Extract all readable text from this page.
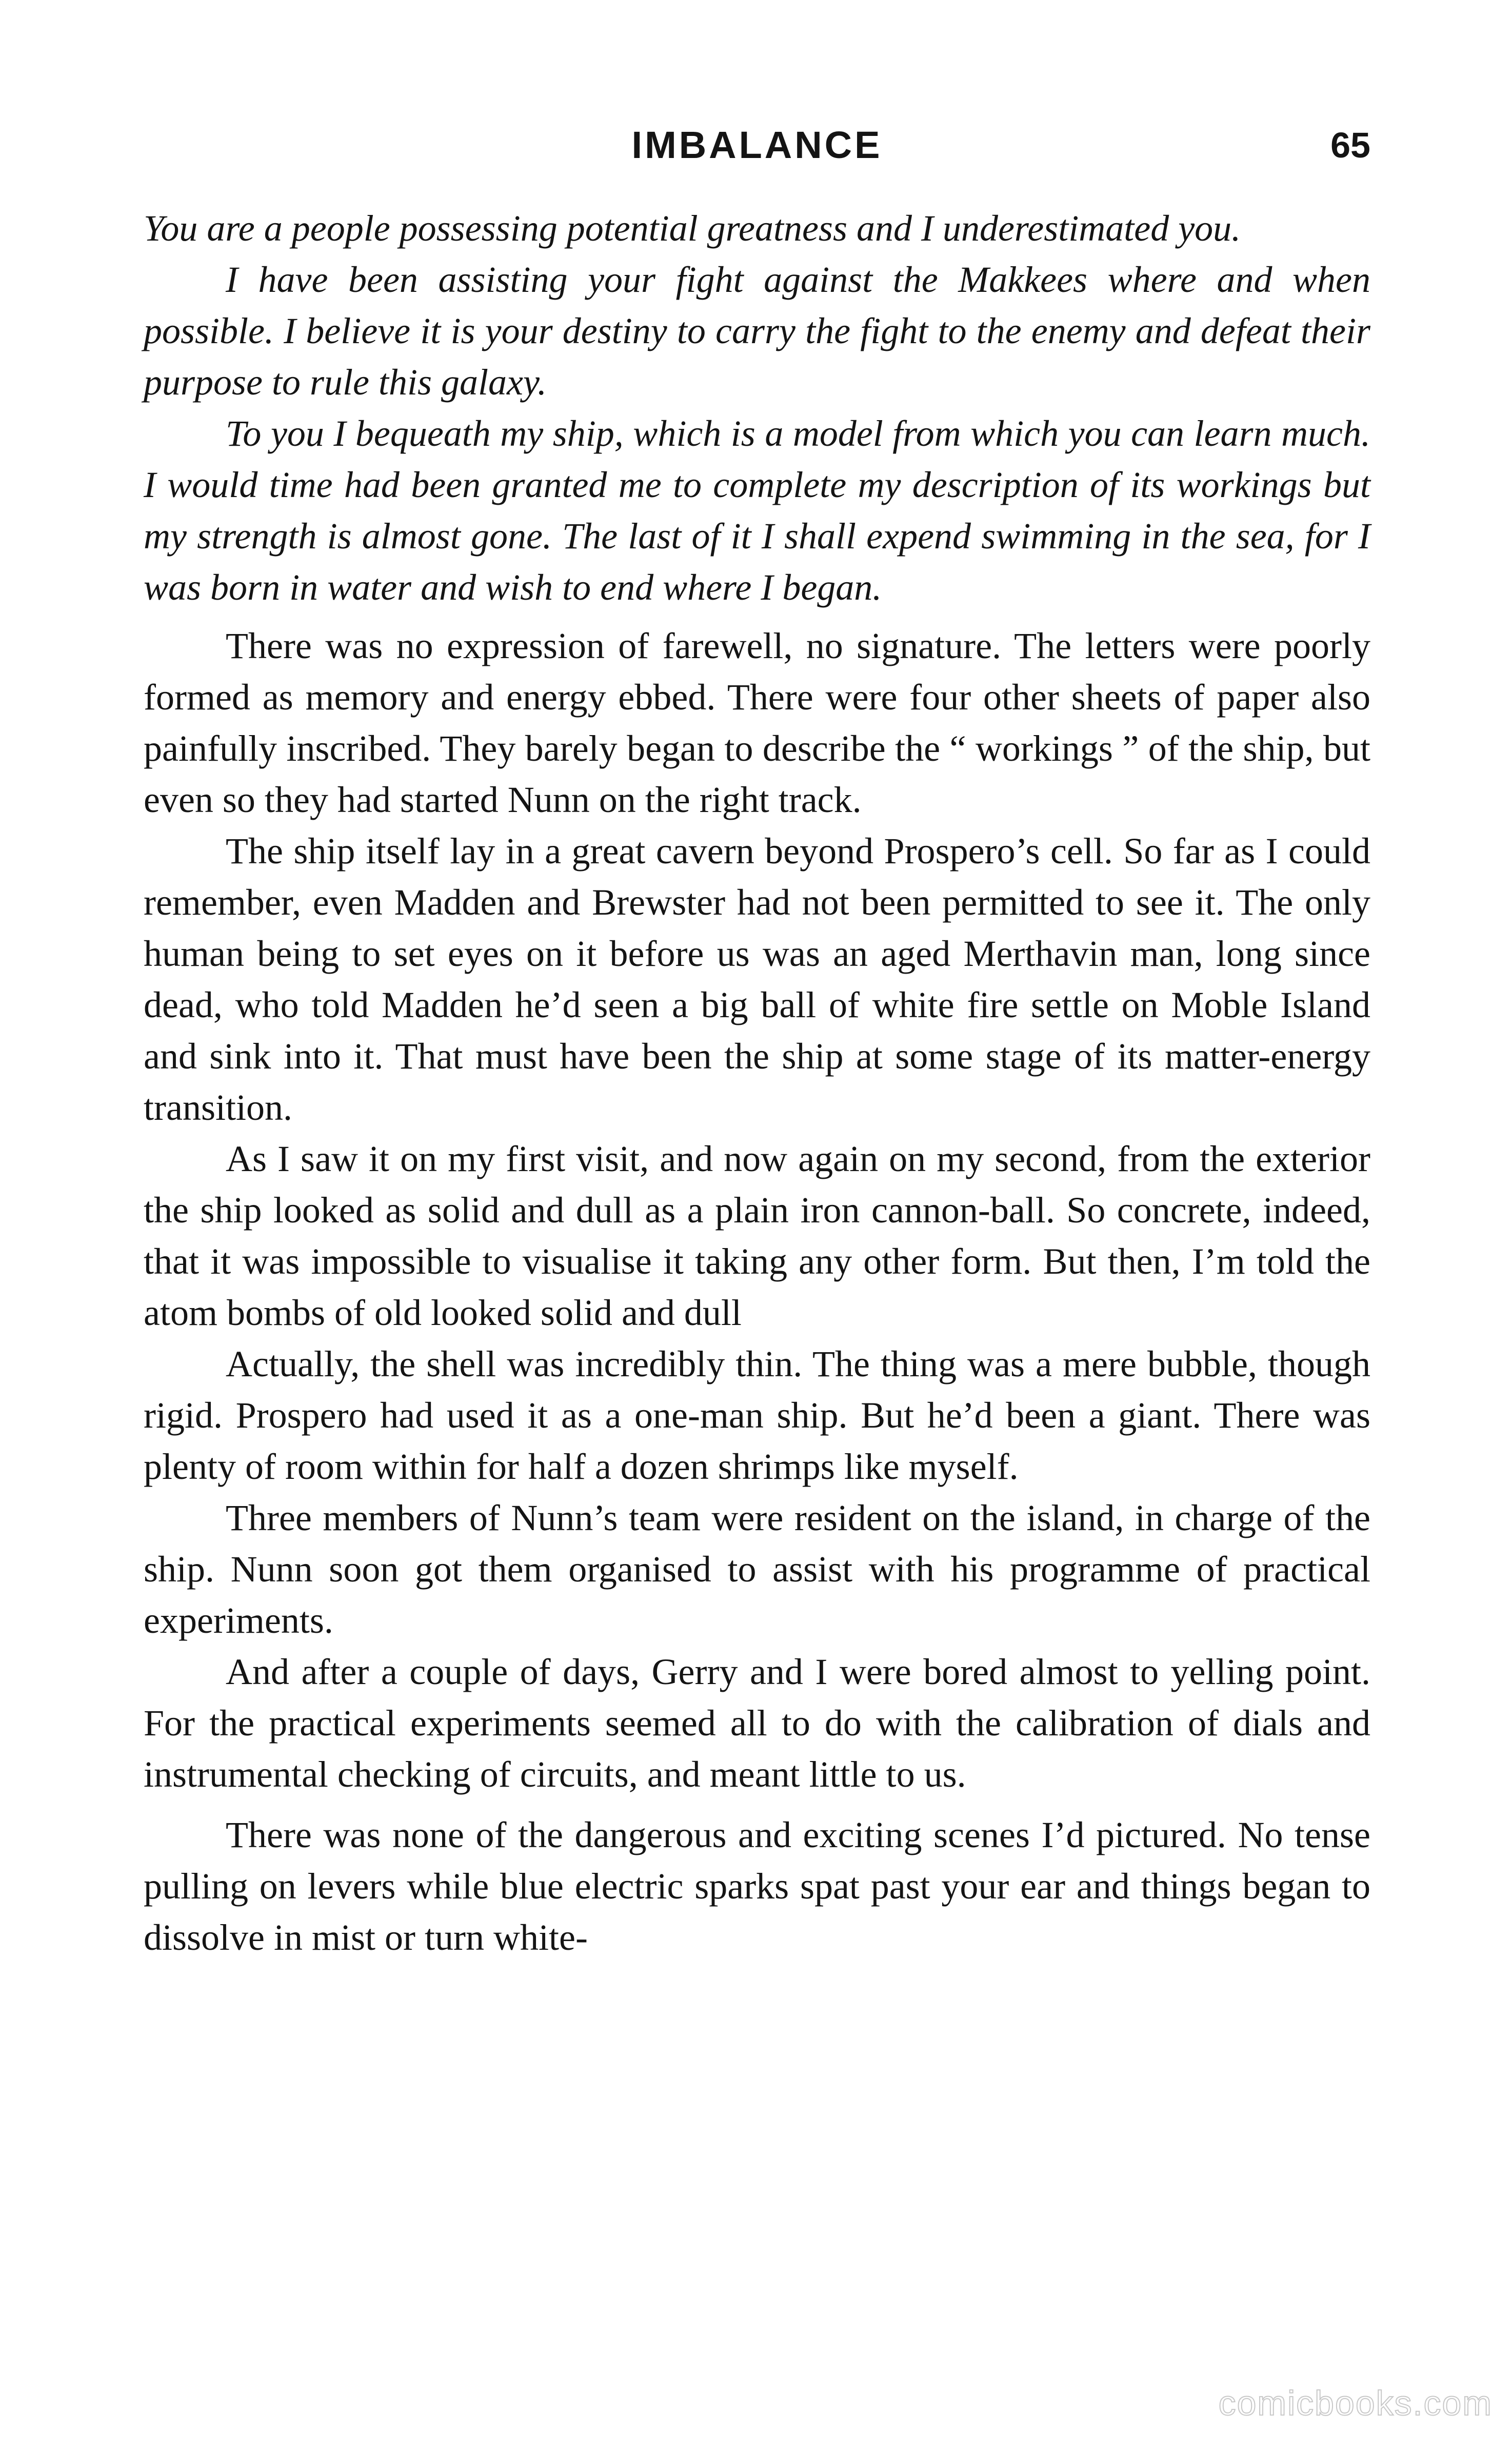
IMBALANCE	65

You are a people possessing potential greatness and I underestimated you.

I have been assisting your fight against the Makkees where and when possible. I believe it is your destiny to carry the fight to the enemy and defeat their purpose to rule this galaxy.

To you I bequeath my ship, which is a model from which you can learn much. I would time had been granted me to complete my description of its workings but my strength is almost gone. The last of it I shall expend swimming in the sea, for I was born in water and wish to end where I began.

There was no expression of farewell, no signature. The letters were poorly formed as memory and energy ebbed. There were four other sheets of paper also painfully inscribed. They barely began to describe the “ workings ” of the ship, but even so they had started Nunn on the right track.

The ship itself lay in a great cavern beyond Prospero’s cell. So far as I could remember, even Madden and Brewster had not been permitted to see it. The only human being to set eyes on it before us was an aged Merthavin man, long since dead, who told Madden he’d seen a big ball of white fire settle on Moble Island and sink into it. That must have been the ship at some stage of its matter-energy transition.

As I saw it on my first visit, and now again on my second, from the exterior the ship looked as solid and dull as a plain iron cannon-ball. So concrete, indeed, that it was impossible to visualise it taking any other form. But then, I’m told the atom bombs of old looked solid and dull

Actually, the shell was incredibly thin. The thing was a mere bubble, though rigid. Prospero had used it as a one-man ship. But he’d been a giant. There was plenty of room within for half a dozen shrimps like myself.

Three members of Nunn’s team were resident on the island, in charge of the ship. Nunn soon got them organised to assist with his programme of practical experiments.

And after a couple of days, Gerry and I were bored almost to yelling point. For the practical experiments seemed all to do with the calibration of dials and instrumental checking of circuits, and meant little to us.

There was none of the dangerous and exciting scenes I’d pictured. No tense pulling on levers while blue electric sparks spat past your ear and things began to dissolve in mist or turn white-

comicbooks.com
